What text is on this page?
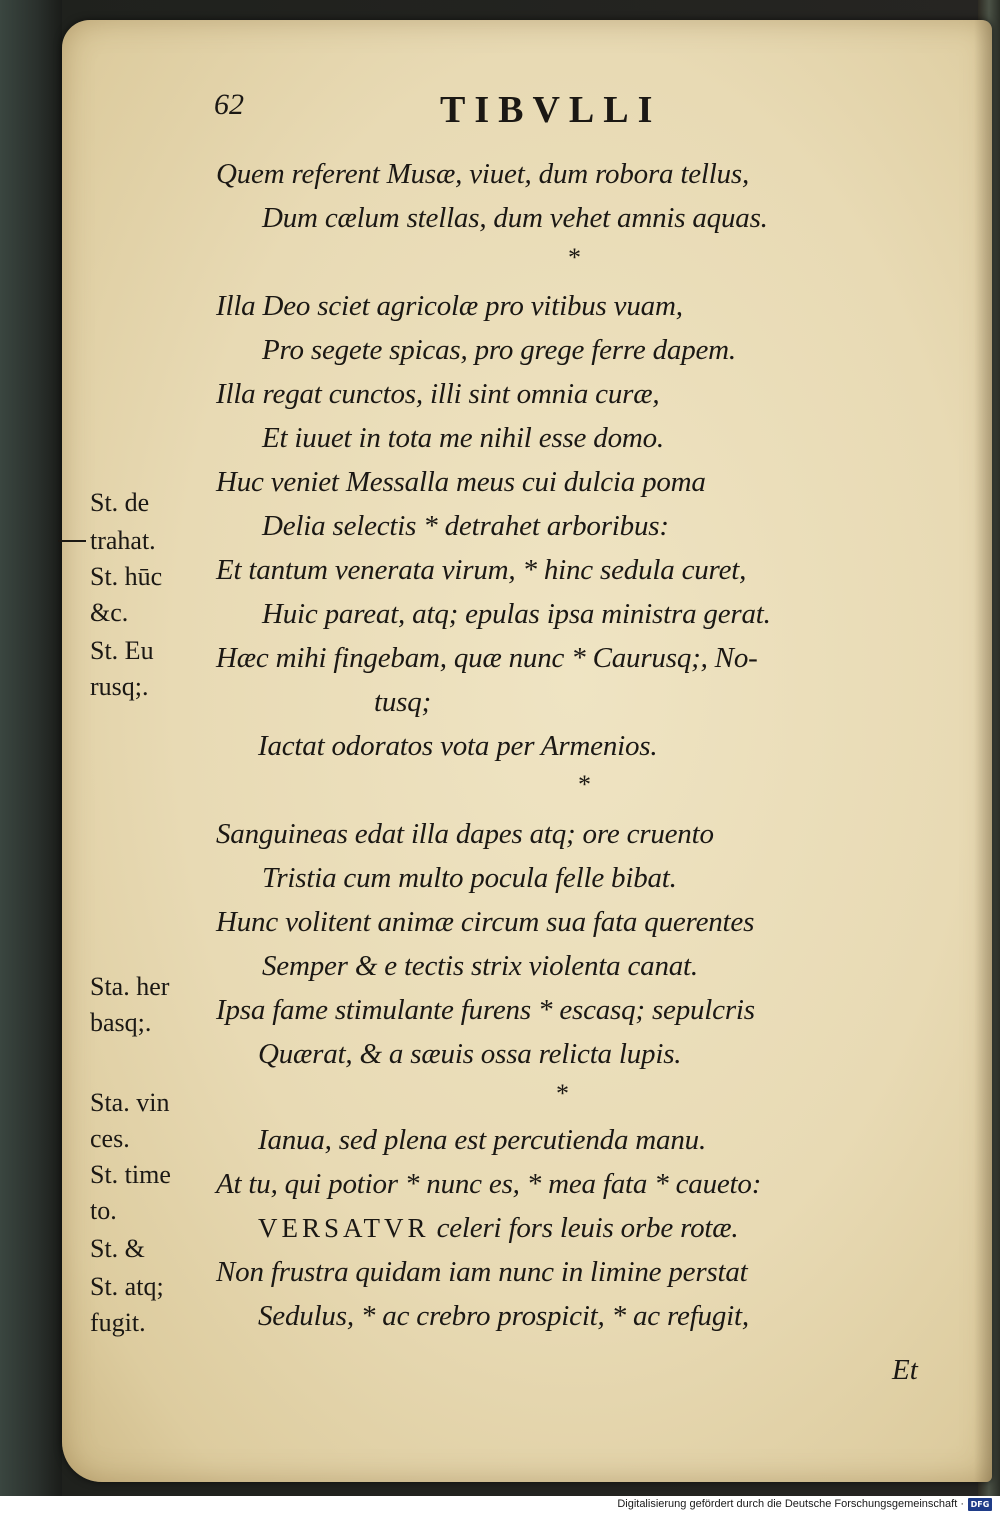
62	TIBVLLI
Quem referent Musæ, viuet, dum robora tellus,
Dum cælum stellas, dum vehet amnis aquas.
*
Illa Deo sciet agricolæ pro vitibus vuam,
Pro segete spicas, pro grege ferre dapem.
Illa regat cunctos, illi sint omnia curæ,
Et iuuet in tota me nihil esse domo.
Huc veniet Messalla meus cui dulcia poma
Delia selectis * detrahet arboribus:
Et tantum venerata virum, * hinc sedula curet,
Huic pareat, atq; epulas ipsa ministra gerat.
Hæc mihi fingebam, quæ nunc * Caurusq;, No-
tusq;
Iactat odoratos vota per Armenios.
*
Sanguineas edat illa dapes atq; ore cruento
Tristia cum multo pocula felle bibat.
Hunc volitent animæ circum sua fata querentes
Semper & e tectis strix violenta canat.
Ipsa fame stimulante furens * escasq; sepulcris
Quærat, & a sæuis ossa relicta lupis.
*
Ianua, sed plena est percutienda manu.
At tu, qui potior * nunc es, * mea fata * caueto:
VERSATVR celeri fors leuis orbe rotæ.
Non frustra quidam iam nunc in limine perstat
Sedulus, * ac crebro prospicit, * ac refugit,
Et
St. de
trahat.
St. hūc
&c.
St. Eu
rusq;.
Sta. her
basq;.
Sta. vin
ces.
St. time
to.
St. &
St. atq;
fugit.
Digitalisierung gefördert durch die Deutsche Forschungsgemeinschaft · DFG
